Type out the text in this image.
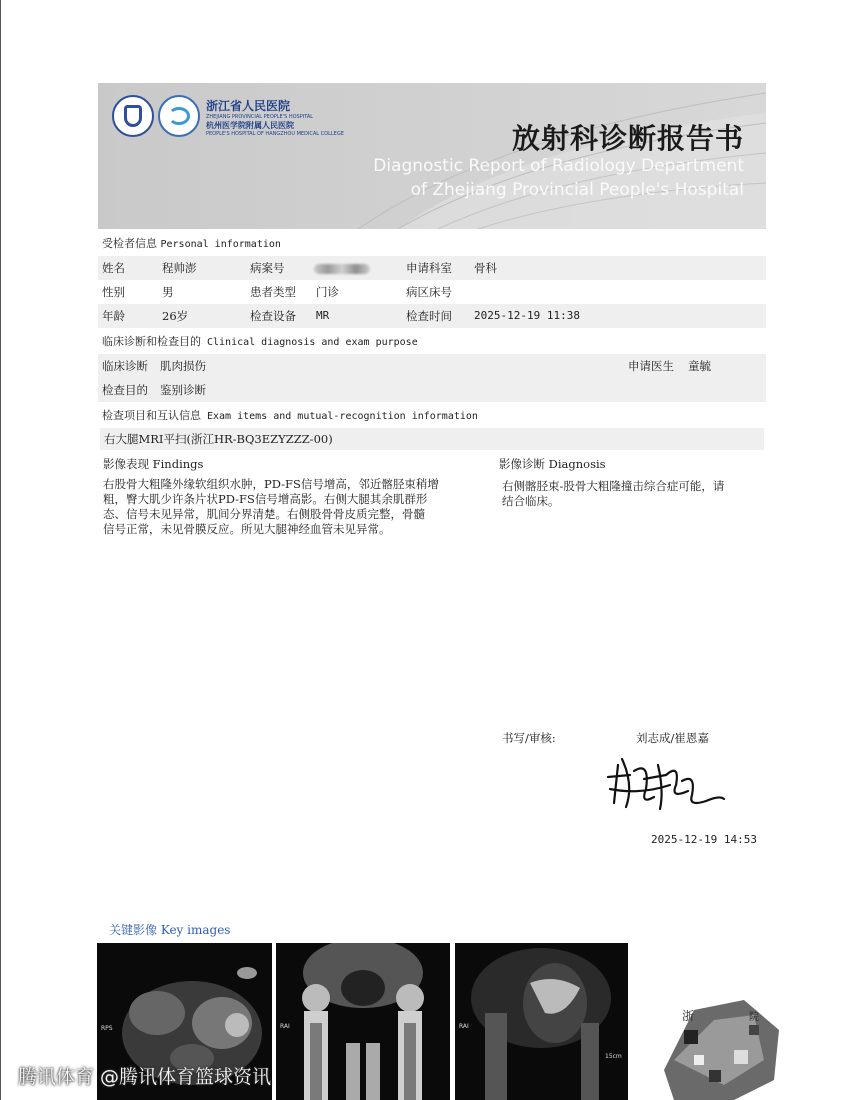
浙江省人民医院
ZHEJIANG PROVINCIAL PEOPLE'S HOSPITAL
杭州医学院附属人民医院
PEOPLE'S HOSPITAL OF HANGZHOU MEDICAL COLLEGE	放射科诊断报告书
Diagnostic Report of Radiology Department
of Zhejiang Provincial People's Hospital
受检者信息 Personal information
姓名	程帅澎	病案号	申请科室 骨科
性别	男	患者类型 门诊	病区床号
年龄	26岁	检查设备 MR	检查时间 2025-12-19 11:38
临床诊断和检查目的 Clinical diagnosis and exam purpose
临床诊断 肌肉损伤	申请医生 童毓
检查目的 鉴别诊断
检查项目和互认信息 Exam items and mutual-recognition information
右大腿MRI平扫(浙江HR-BQ3EZYZZZ-00)
影像表现 Findings
右股骨大粗隆外缘软组织水肿，PD-FS信号增高，邻近髂胫束稍增
粗，臀大肌少许条片状PD-FS信号增高影。右侧大腿其余肌群形
态、信号未见异常，肌间分界清楚。右侧股骨骨皮质完整，骨髓
信号正常，未见骨膜反应。所见大腿神经血管未见异常。
影像诊断 Diagnosis
右侧髂胫束-股骨大粗隆撞击综合症可能，请
结合临床。
书写/审核:	刘志成/崔恩嘉
2025-12-19 14:53
关键影像 Key images
RPS	RAI	RAI
15cm
浙	院
腾讯体育 @腾讯体育篮球资讯
